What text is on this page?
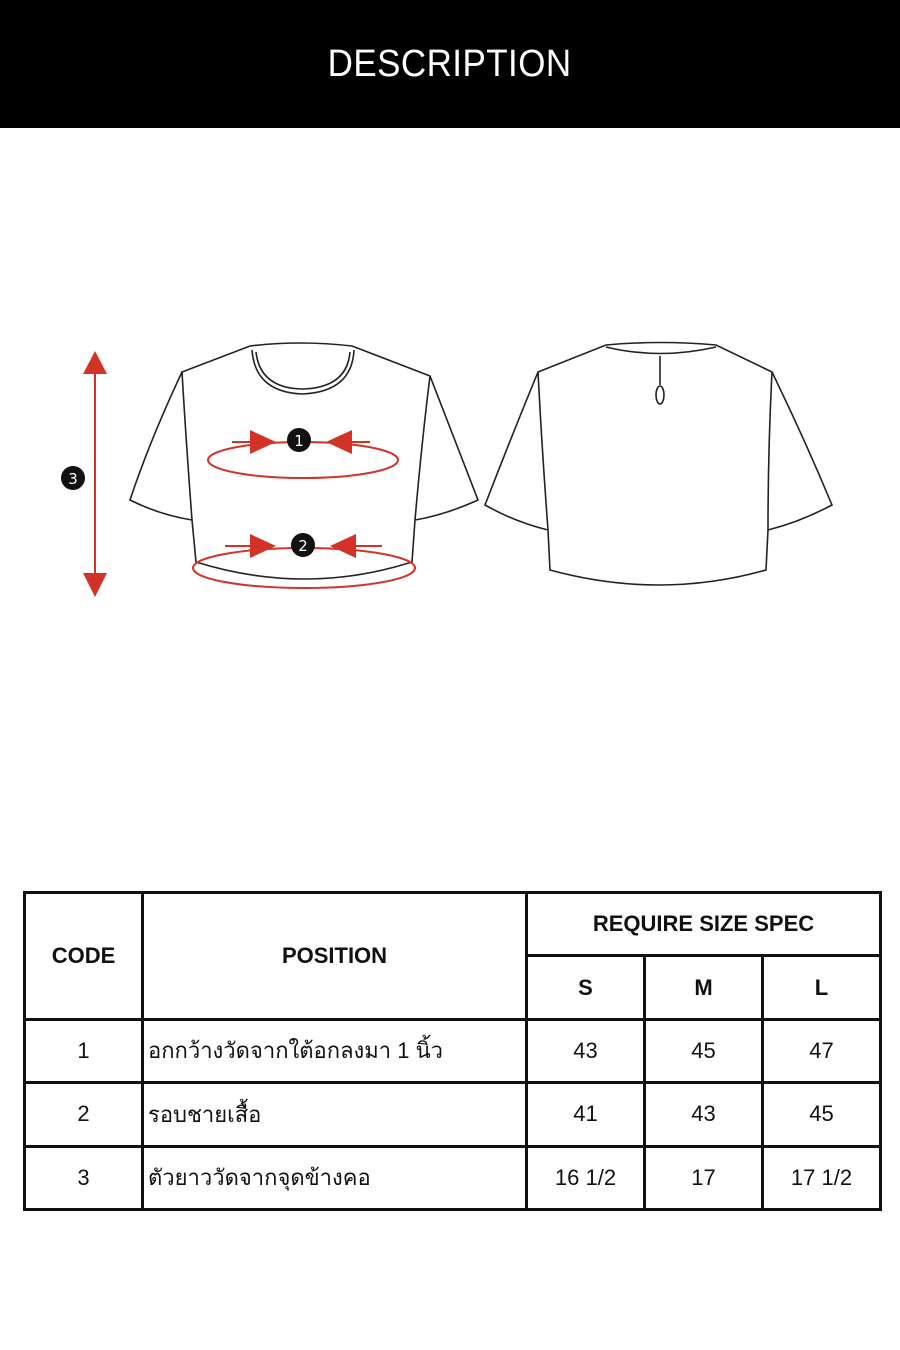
DESCRIPTION
3
1
2
CODE	POSITION	REQUIRE SIZE SPEC		
		S	M	L
1	อกกว้างวัดจากใต้อกลงมา 1 นิ้ว	43	45	47
2	รอบชายเสื้อ	41	43	45
3	ตัวยาววัดจากจุดข้างคอ	16 1/2	17	17 1/2
